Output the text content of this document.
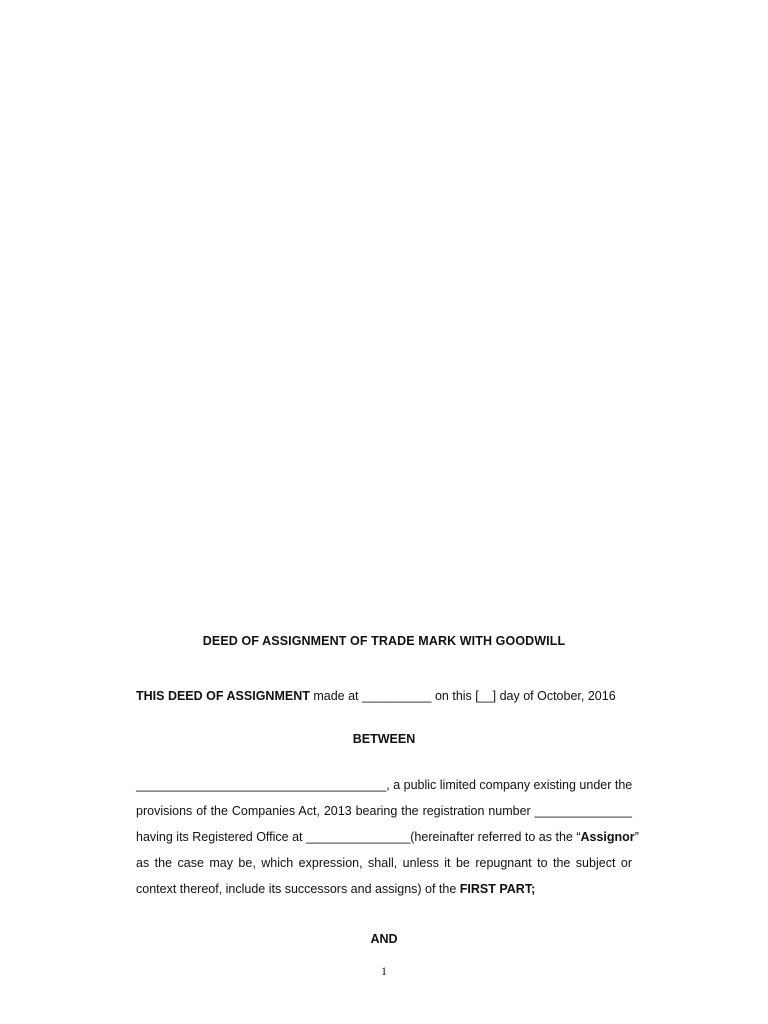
DEED OF ASSIGNMENT OF TRADE MARK WITH GOODWILL
THIS DEED OF ASSIGNMENT made at __________ on this [__] day of October, 2016
BETWEEN
____________________________________, a public limited company existing under the
provisions of the Companies Act, 2013 bearing the registration number ______________
having its Registered Office at _______________(hereinafter referred to as the “Assignor”
as the case may be, which expression, shall, unless it be repugnant to the subject or
context thereof, include its successors and assigns) of the FIRST PART;
AND
1
